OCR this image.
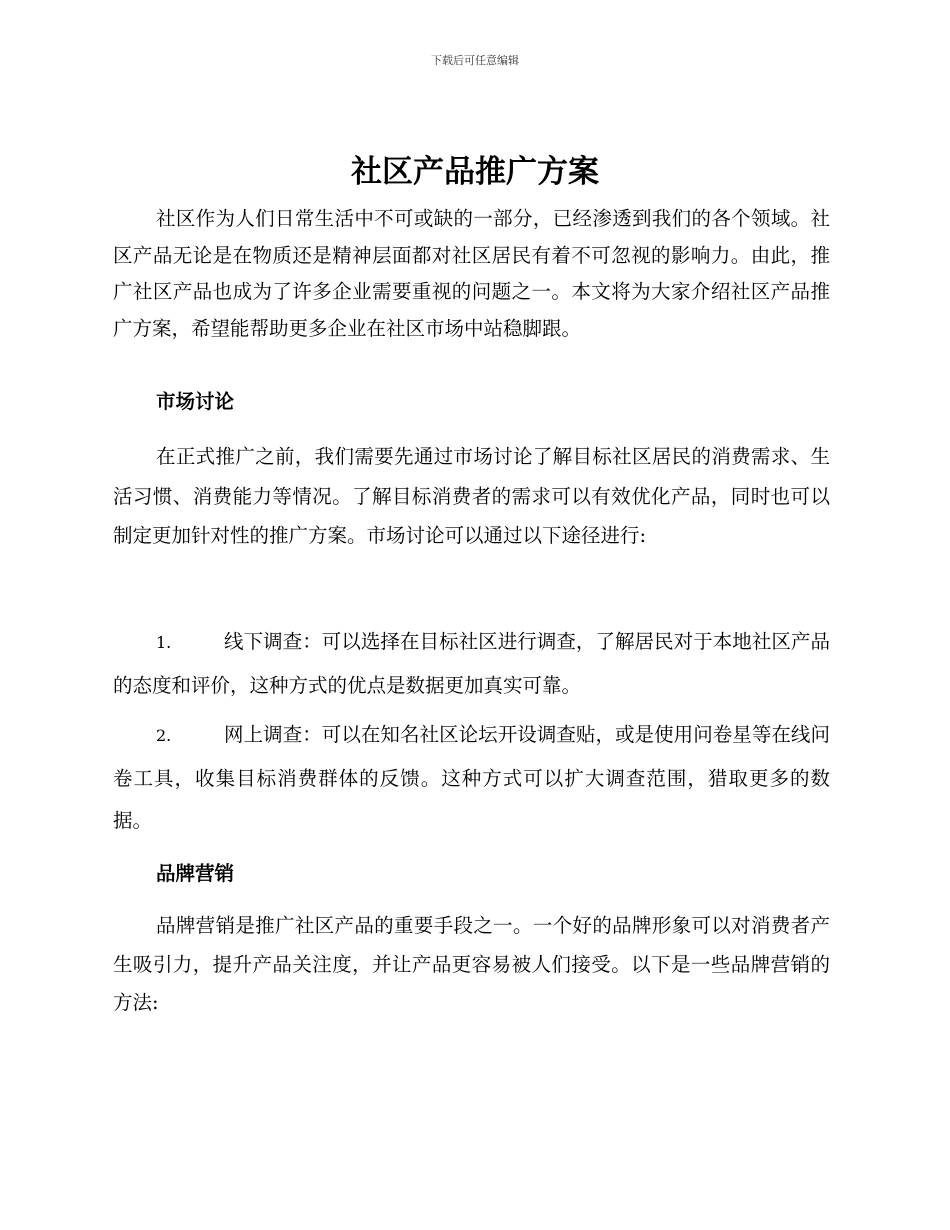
下载后可任意编辑
社区产品推广方案

社区作为人们日常生活中不可或缺的一部分，已经渗透到我们的各个领域。社区产品无论是在物质还是精神层面都对社区居民有着不可忽视的影响力。由此，推广社区产品也成为了许多企业需要重视的问题之一。本文将为大家介绍社区产品推广方案，希望能帮助更多企业在社区市场中站稳脚跟。

市场讨论

在正式推广之前，我们需要先通过市场讨论了解目标社区居民的消费需求、生活习惯、消费能力等情况。了解目标消费者的需求可以有效优化产品，同时也可以制定更加针对性的推广方案。市场讨论可以通过以下途径进行:

1.	线下调查：可以选择在目标社区进行调查，了解居民对于本地社区产品的态度和评价，这种方式的优点是数据更加真实可靠。

2.	网上调查：可以在知名社区论坛开设调查贴，或是使用问卷星等在线问卷工具，收集目标消费群体的反馈。这种方式可以扩大调查范围，猎取更多的数据。

品牌营销

品牌营销是推广社区产品的重要手段之一。一个好的品牌形象可以对消费者产生吸引力，提升产品关注度，并让产品更容易被人们接受。以下是一些品牌营销的方法:
